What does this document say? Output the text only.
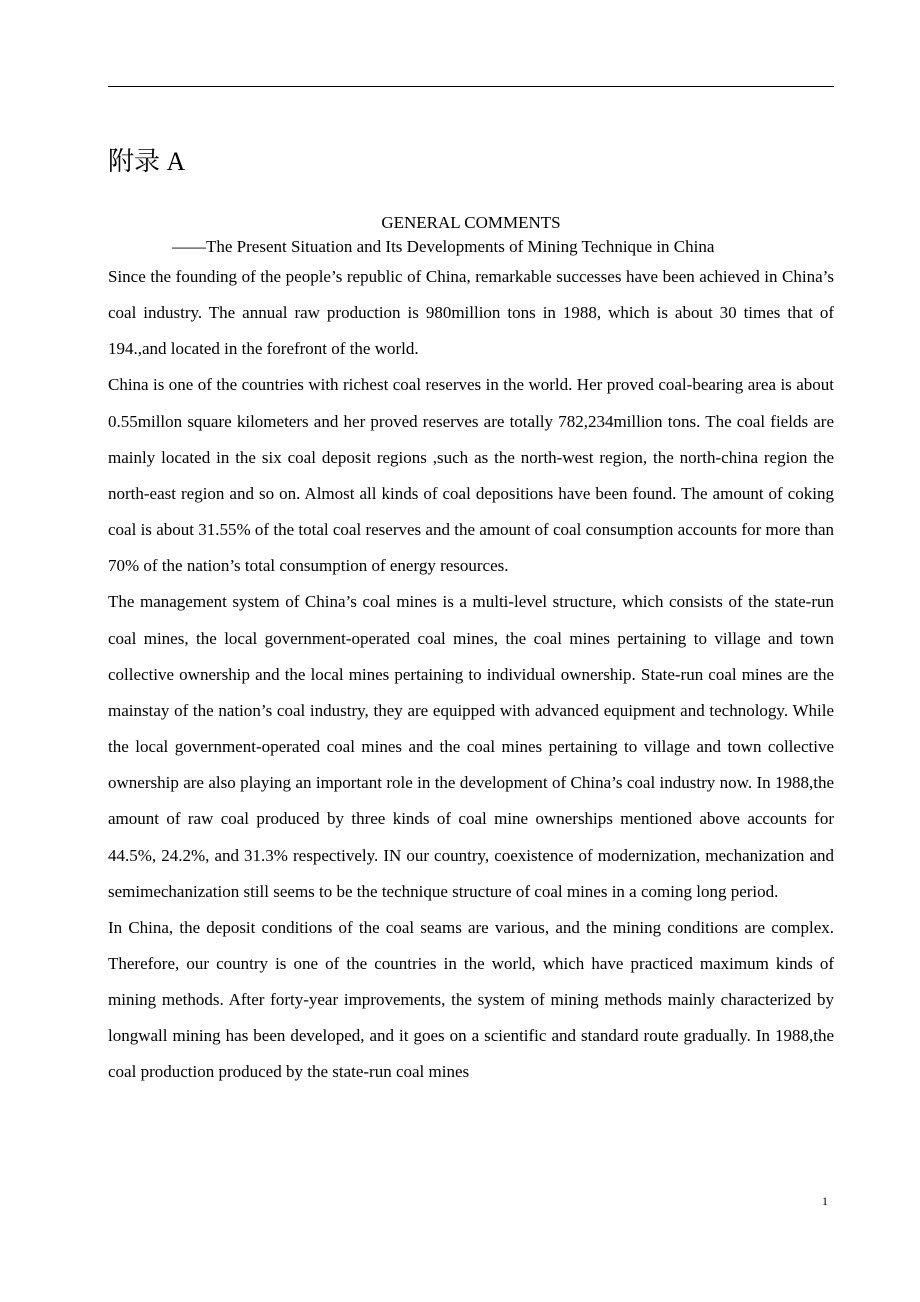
附录 A
GENERAL COMMENTS
——The Present Situation and Its Developments of Mining Technique in China

Since the founding of the people’s republic of China, remarkable successes have been achieved in China’s coal industry. The annual raw production is 980million tons in 1988, which is about 30 times that of 194.,and located in the forefront of the world.

China is one of the countries with richest coal reserves in the world. Her proved coal-bearing area is about 0.55millon square kilometers and her proved reserves are totally 782,234million tons. The coal fields are mainly located in the six coal deposit regions ,such as the north-west region, the north-china region the north-east region and so on. Almost all kinds of coal depositions have been found. The amount of coking coal is about 31.55% of the total coal reserves and the amount of coal consumption accounts for more than 70% of the nation’s total consumption of energy resources.

The management system of China’s coal mines is a multi-level structure, which consists of the state-run coal mines, the local government-operated coal mines, the coal mines pertaining to village and town collective ownership and the local mines pertaining to individual ownership. State-run coal mines are the mainstay of the nation’s coal industry, they are equipped with advanced equipment and technology. While the local government-operated coal mines and the coal mines pertaining to village and town collective ownership are also playing an important role in the development of China’s coal industry now. In 1988,the amount of raw coal produced by three kinds of coal mine ownerships mentioned above accounts for 44.5%, 24.2%, and 31.3% respectively. IN our country, coexistence of modernization, mechanization and semimechanization still seems to be the technique structure of coal mines in a coming long period.

In China, the deposit conditions of the coal seams are various, and the mining conditions are complex. Therefore, our country is one of the countries in the world, which have practiced maximum kinds of mining methods. After forty-year improvements, the system of mining methods mainly characterized by longwall mining has been developed, and it goes on a scientific and standard route gradually. In 1988,the coal production produced by the state-run coal mines

1
